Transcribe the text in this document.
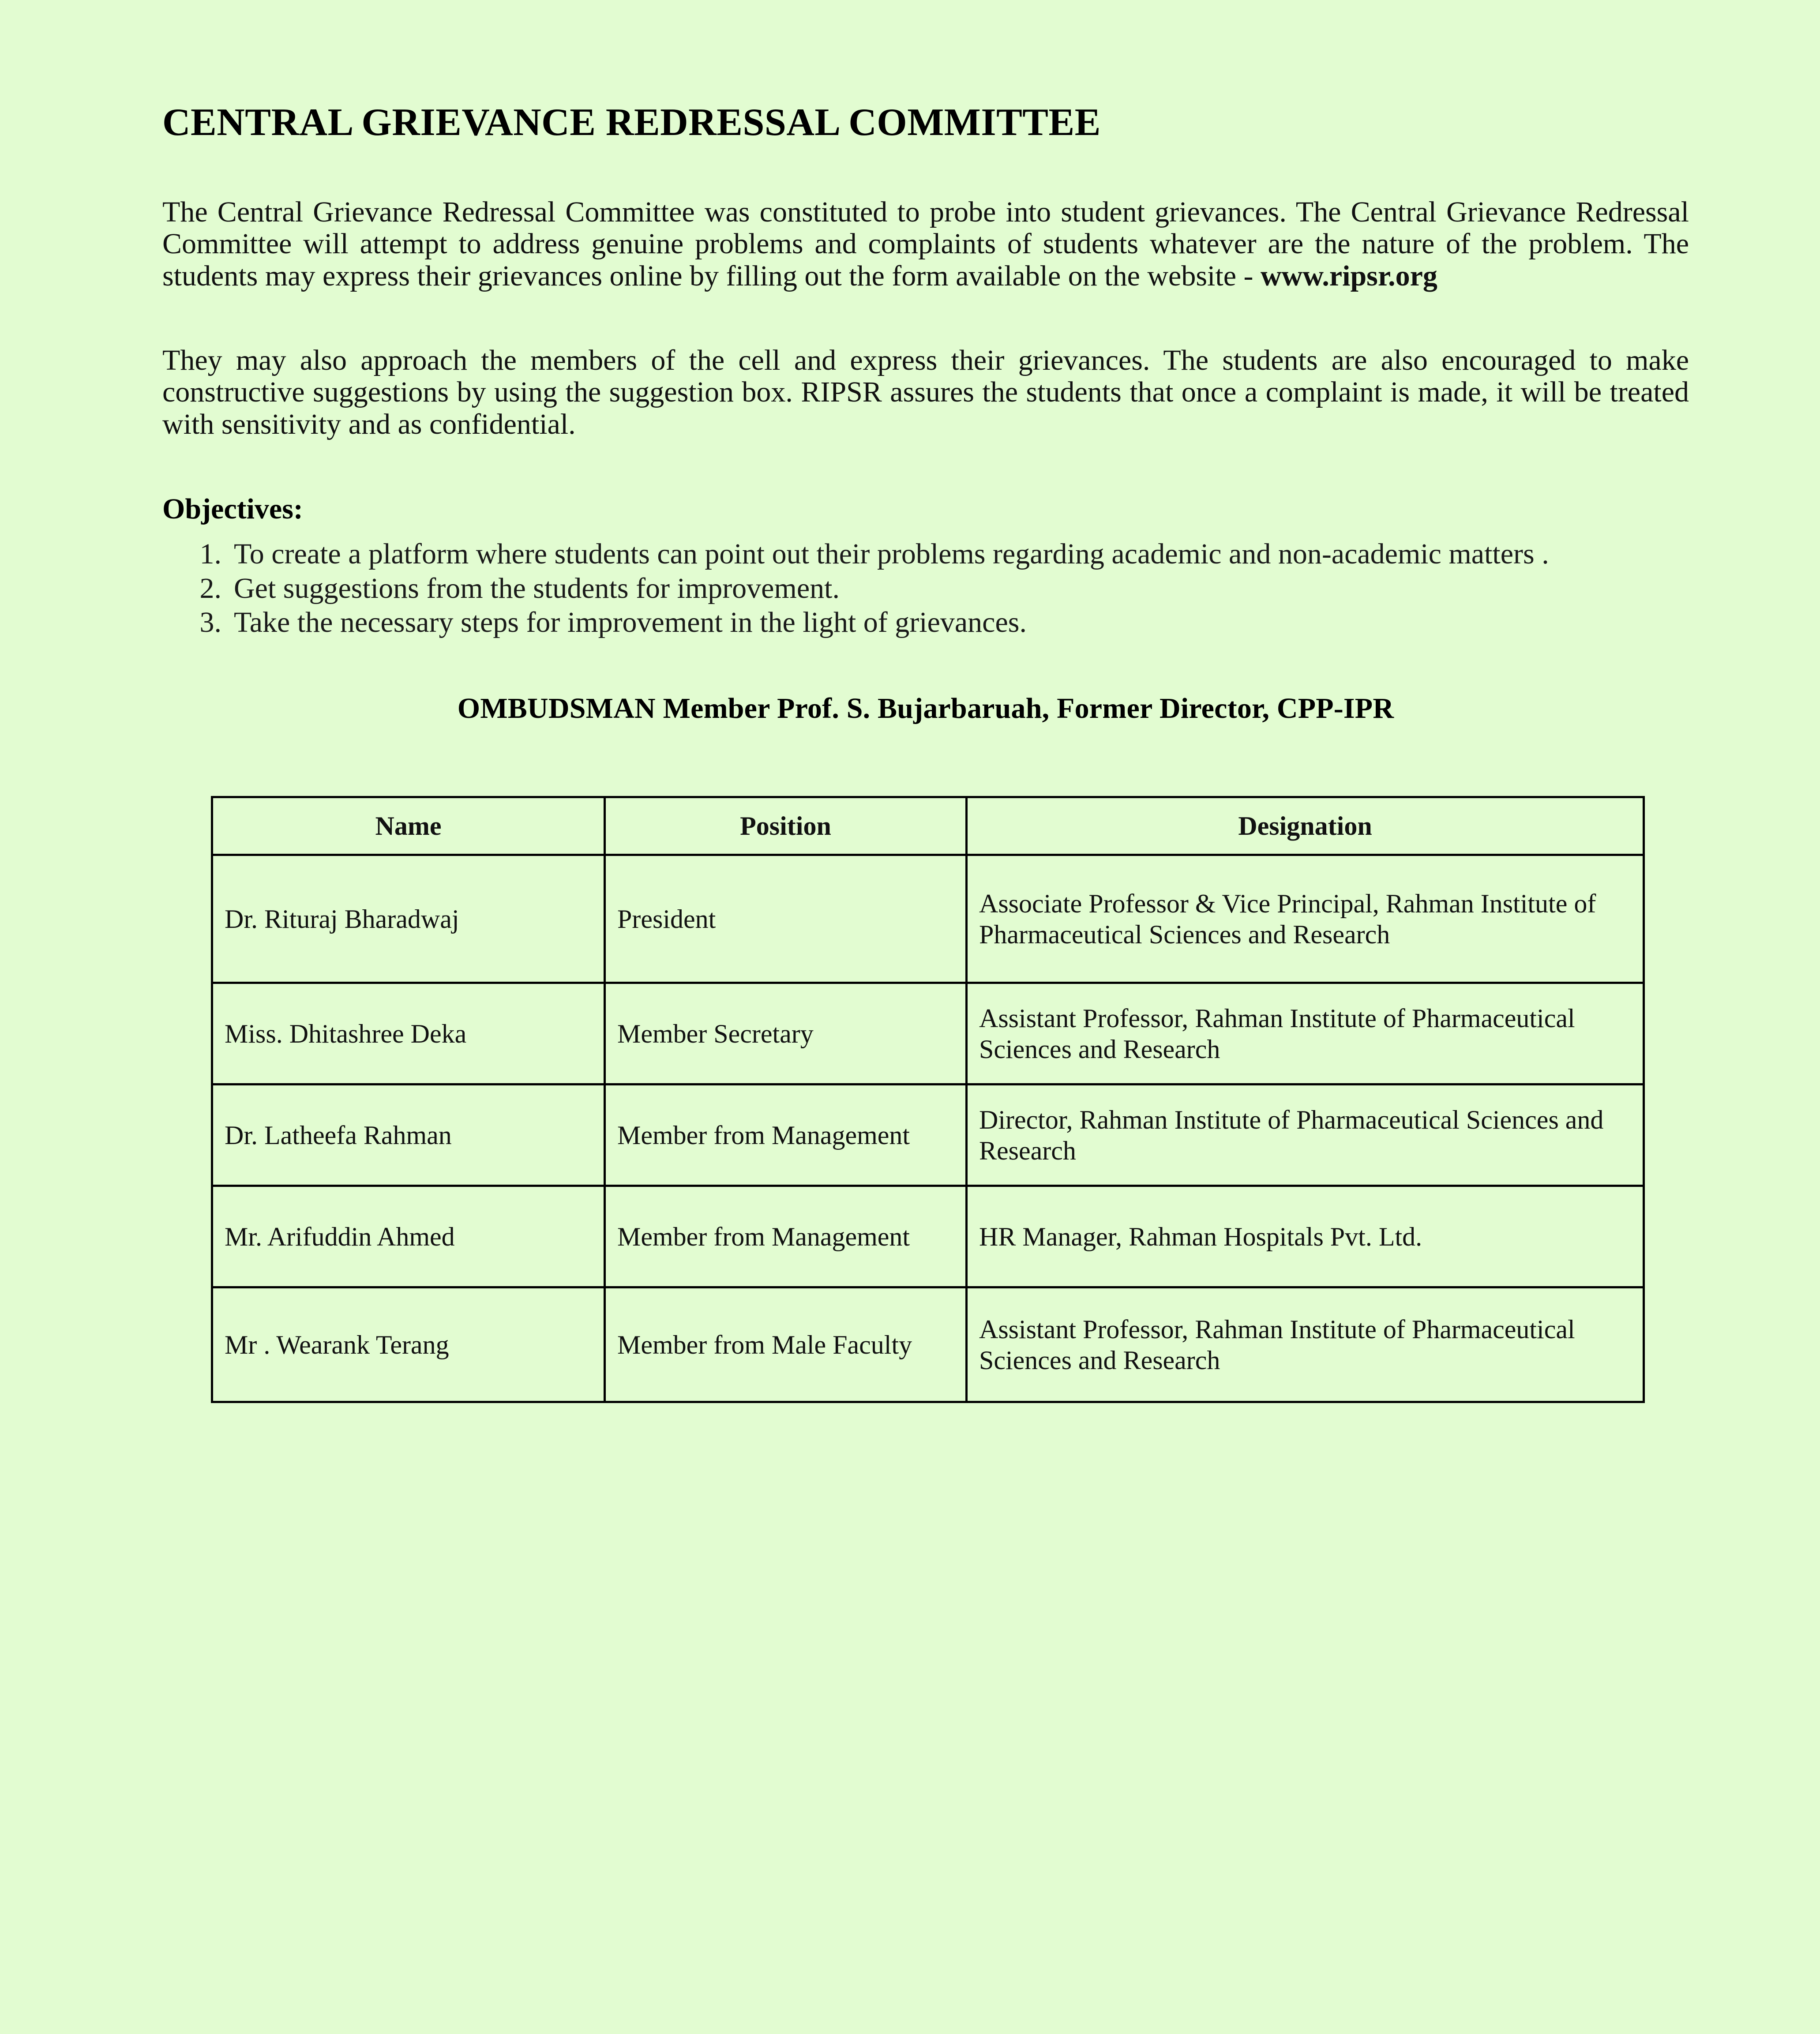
CENTRAL GRIEVANCE REDRESSAL COMMITTEE

The Central Grievance Redressal Committee was constituted to probe into student grievances. The Central Grievance Redressal Committee will attempt to address genuine problems and complaints of students whatever are the nature of the problem. The students may express their grievances online by filling out the form available on the website - www.ripsr.org

They may also approach the members of the cell and express their grievances. The students are also encouraged to make constructive suggestions by using the suggestion box. RIPSR assures the students that once a complaint is made, it will be treated with sensitivity and as confidential.

Objectives:
1. To create a platform where students can point out their problems regarding academic and non-academic matters .
2. Get suggestions from the students for improvement.
3. Take the necessary steps for improvement in the light of grievances.

OMBUDSMAN Member Prof. S. Bujarbaruah, Former Director, CPP-IPR

Name	Position	Designation
Dr. Rituraj Bharadwaj	President	Associate Professor & Vice Principal, Rahman Institute of Pharmaceutical Sciences and Research
Miss. Dhitashree Deka	Member Secretary	Assistant Professor, Rahman Institute of Pharmaceutical Sciences and Research
Dr. Latheefa Rahman	Member from Management	Director, Rahman Institute of Pharmaceutical Sciences and Research
Mr. Arifuddin Ahmed	Member from Management	HR Manager, Rahman Hospitals Pvt. Ltd.
Mr . Wearank Terang	Member from Male Faculty	Assistant Professor, Rahman Institute of Pharmaceutical Sciences and Research
